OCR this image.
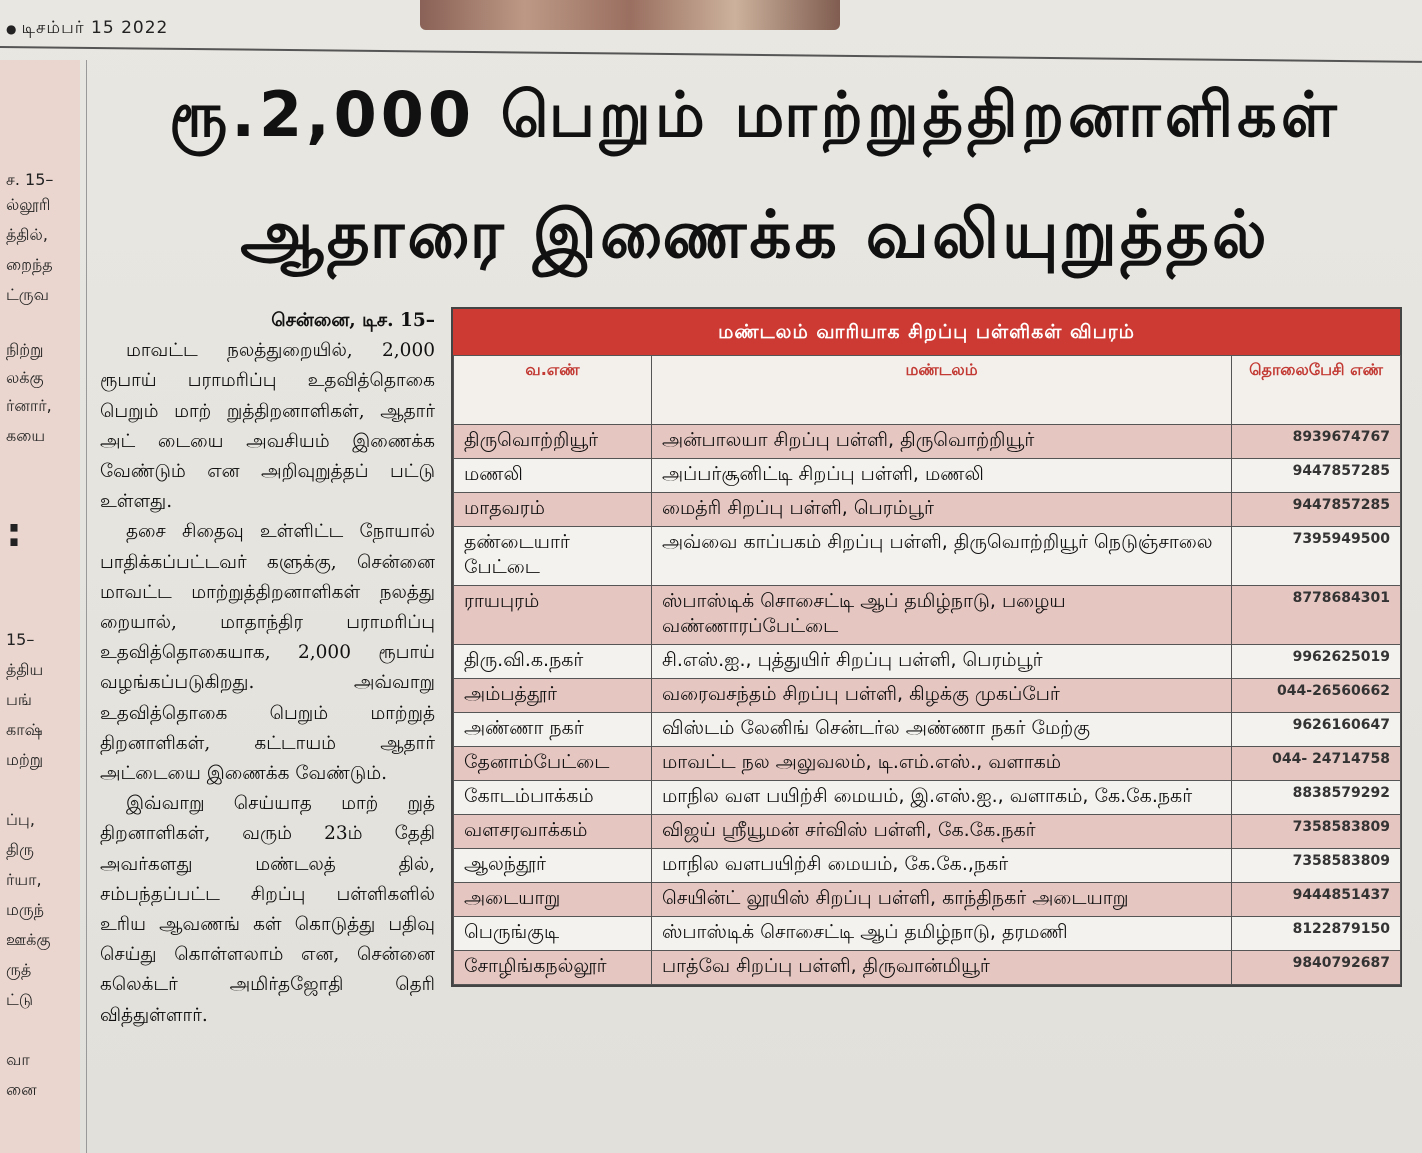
● டிசம்பர் 15 2022
ச. 15–
ல்லூரி
த்தில்,
றைந்த
ட்ருவ
நிற்று
லக்கு
ர்னார்,
கயை
:
15–
த்திய
பங்
காஷ்
மற்று
ப்பு,
திரு
ர்யா,
மருந்
ஊக்கு
ருத்
ட்டு
வா
னை
ரூ.2,000 பெறும் மாற்றுத்திறனாளிகள்
ஆதாரை இணைக்க வலியுறுத்தல்

சென்னை, டிச. 15–

மாவட்ட நலத்துறையில், 2,000 ரூபாய் பராமரிப்பு உதவித்தொகை பெறும் மாற் றுத்திறனாளிகள், ஆதார் அட் டையை அவசியம் இணைக்க வேண்டும் என அறிவுறுத்தப் பட்டு உள்ளது.

தசை சிதைவு உள்ளிட்ட நோயால் பாதிக்கப்பட்டவர் களுக்கு, சென்னை மாவட்ட மாற்றுத்திறனாளிகள் நலத்து றையால், மாதாந்திர பராமரிப்பு உதவித்தொகையாக, 2,000 ரூபாய் வழங்கப்படுகிறது. அவ்வாறு உதவித்தொகை பெறும் மாற்றுத் திறனாளிகள், கட்டாயம் ஆதார் அட்டையை இணைக்க வேண்டும்.

இவ்வாறு செய்யாத மாற் றுத் திறனாளிகள், வரும் 23ம் தேதி அவர்களது மண்டலத் தில், சம்பந்தப்பட்ட சிறப்பு பள்ளிகளில் உரிய ஆவணங் கள் கொடுத்து பதிவு செய்து கொள்ளலாம் என, சென்னை கலெக்டர் அமிர்தஜோதி தெரி வித்துள்ளார்.

மண்டலம் வாரியாக சிறப்பு பள்ளிகள் விபரம்
வ.எண்	மண்டலம்	தொலைபேசி எண்
திருவொற்றியூர்	அன்பாலயா சிறப்பு பள்ளி, திருவொற்றியூர்	8939674767
மணலி	அப்பர்சூனிட்டி சிறப்பு பள்ளி, மணலி	9447857285
மாதவரம்	மைத்ரி சிறப்பு பள்ளி, பெரம்பூர்	9447857285
தண்டையார் பேட்டை	அவ்வை காப்பகம் சிறப்பு பள்ளி, திருவொற்றியூர் நெடுஞ்சாலை	7395949500
ராயபுரம்	ஸ்பாஸ்டிக் சொசைட்டி ஆப் தமிழ்நாடு, பழைய வண்ணாரப்பேட்டை	8778684301
திரு.வி.க.நகர்	சி.எஸ்.ஐ., புத்துயிர் சிறப்பு பள்ளி, பெரம்பூர்	9962625019
அம்பத்தூர்	வரைவசந்தம் சிறப்பு பள்ளி, கிழக்கு முகப்பேர்	044-26560662
அண்ணா நகர்	விஸ்டம் லேனிங் சென்டர்ல அண்ணா நகர் மேற்கு	9626160647
தேனாம்பேட்டை	மாவட்ட நல அலுவலம், டி.எம்.எஸ்., வளாகம்	044- 24714758
கோடம்பாக்கம்	மாநில வள பயிற்சி மையம், இ.எஸ்.ஐ., வளாகம், கே.கே.நகர்	8838579292
வளசரவாக்கம்	விஜய் ஸ்ரீயூமன் சர்விஸ் பள்ளி, கே.கே.நகர்	7358583809
ஆலந்தூர்	மாநில வளபயிற்சி மையம், கே.கே.,நகர்	7358583809
அடையாறு	செயின்ட் லூயிஸ் சிறப்பு பள்ளி, காந்திநகர் அடையாறு	9444851437
பெருங்குடி	ஸ்பாஸ்டிக் சொசைட்டி ஆப் தமிழ்நாடு, தரமணி	8122879150
சோழிங்கநல்லூர்	பாத்வே சிறப்பு பள்ளி, திருவான்மியூர்	9840792687
